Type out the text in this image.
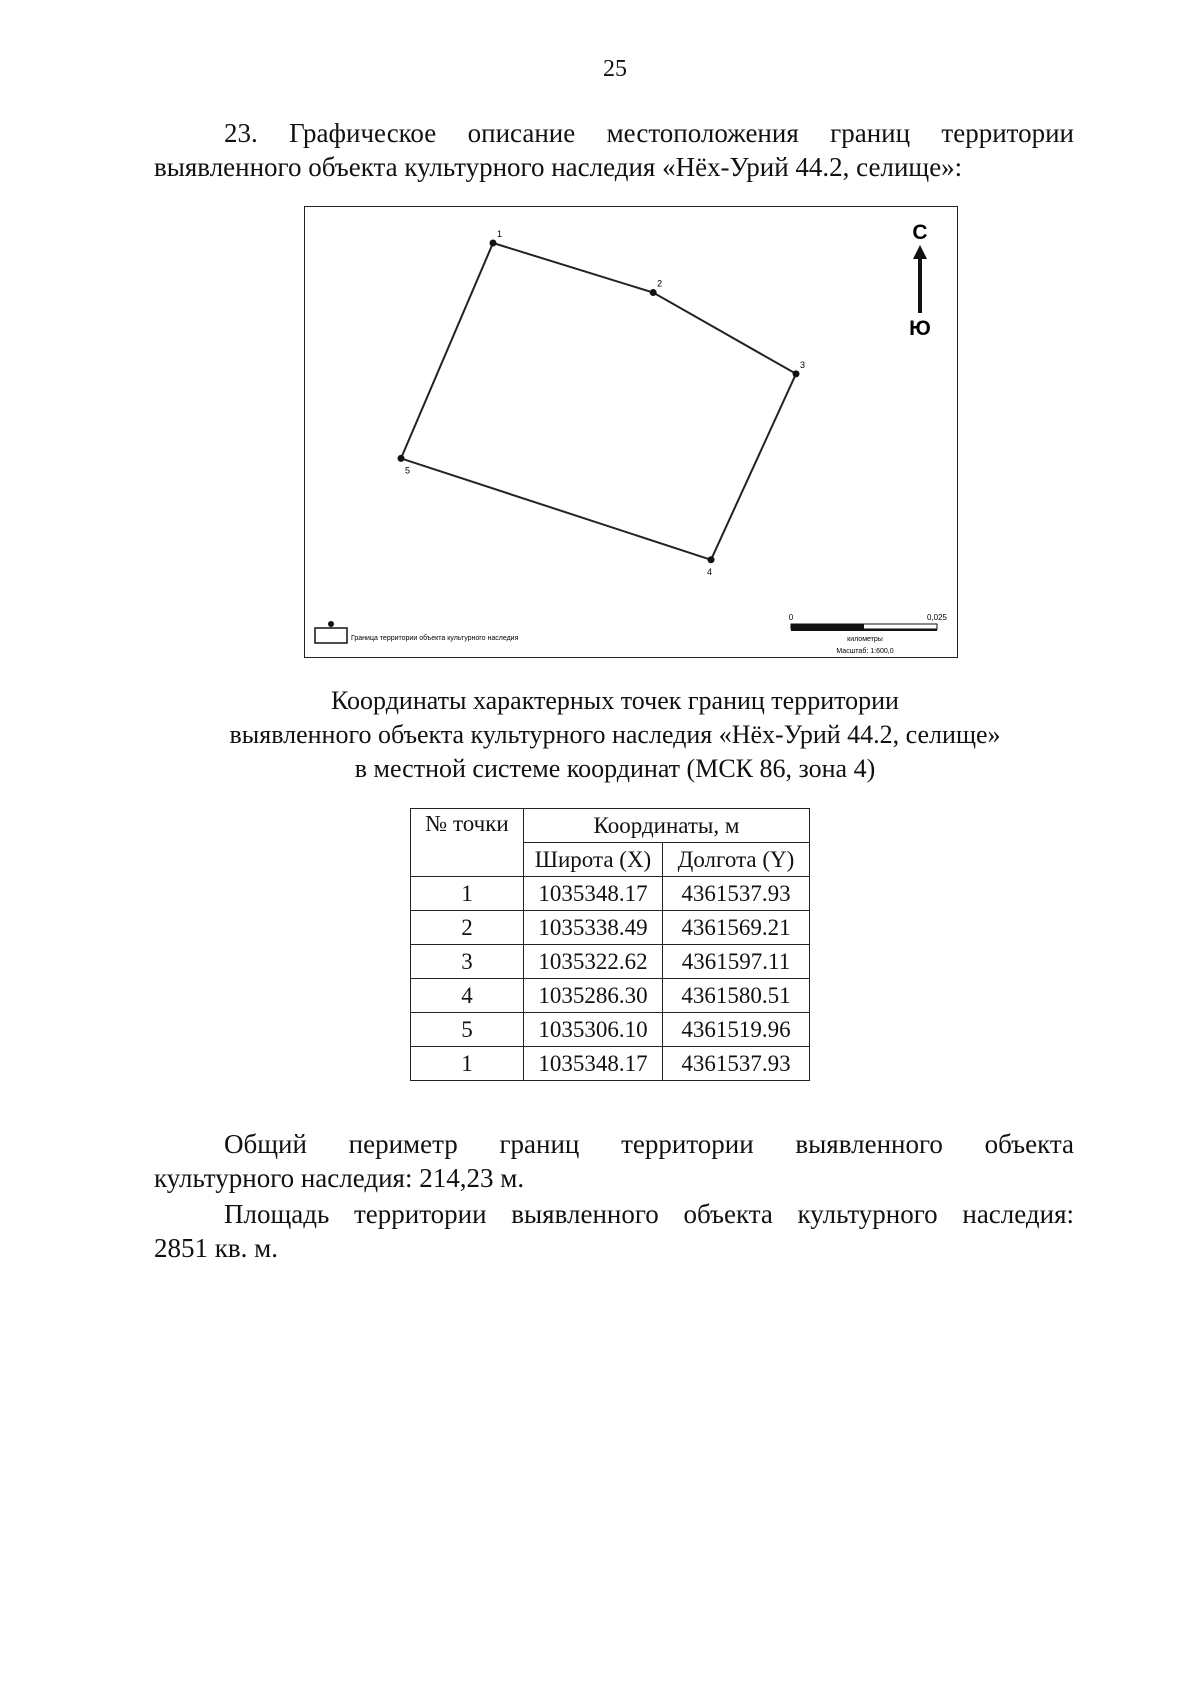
25
23. Графическое описание местоположения границ территории
выявленного объекта культурного наследия «Нёх-Урий 44.2, селище»:
1
2
3
4
5
С
Ю
Граница территории объекта культурного наследия
0	0,025
километры
Масштаб: 1:600,0
Координаты характерных точек границ территории
выявленного объекта культурного наследия «Нёх-Урий 44.2, селище»
в местной системе координат (МСК 86, зона 4)
№ точки	Координаты, м	
	Широта (X)	Долгота (Y)
1	1035348.17	4361537.93
2	1035338.49	4361569.21
3	1035322.62	4361597.11
4	1035286.30	4361580.51
5	1035306.10	4361519.96
1	1035348.17	4361537.93
Общий периметр границ территории выявленного объекта
культурного наследия: 214,23 м.
Площадь территории выявленного объекта культурного наследия:
2851 кв. м.
